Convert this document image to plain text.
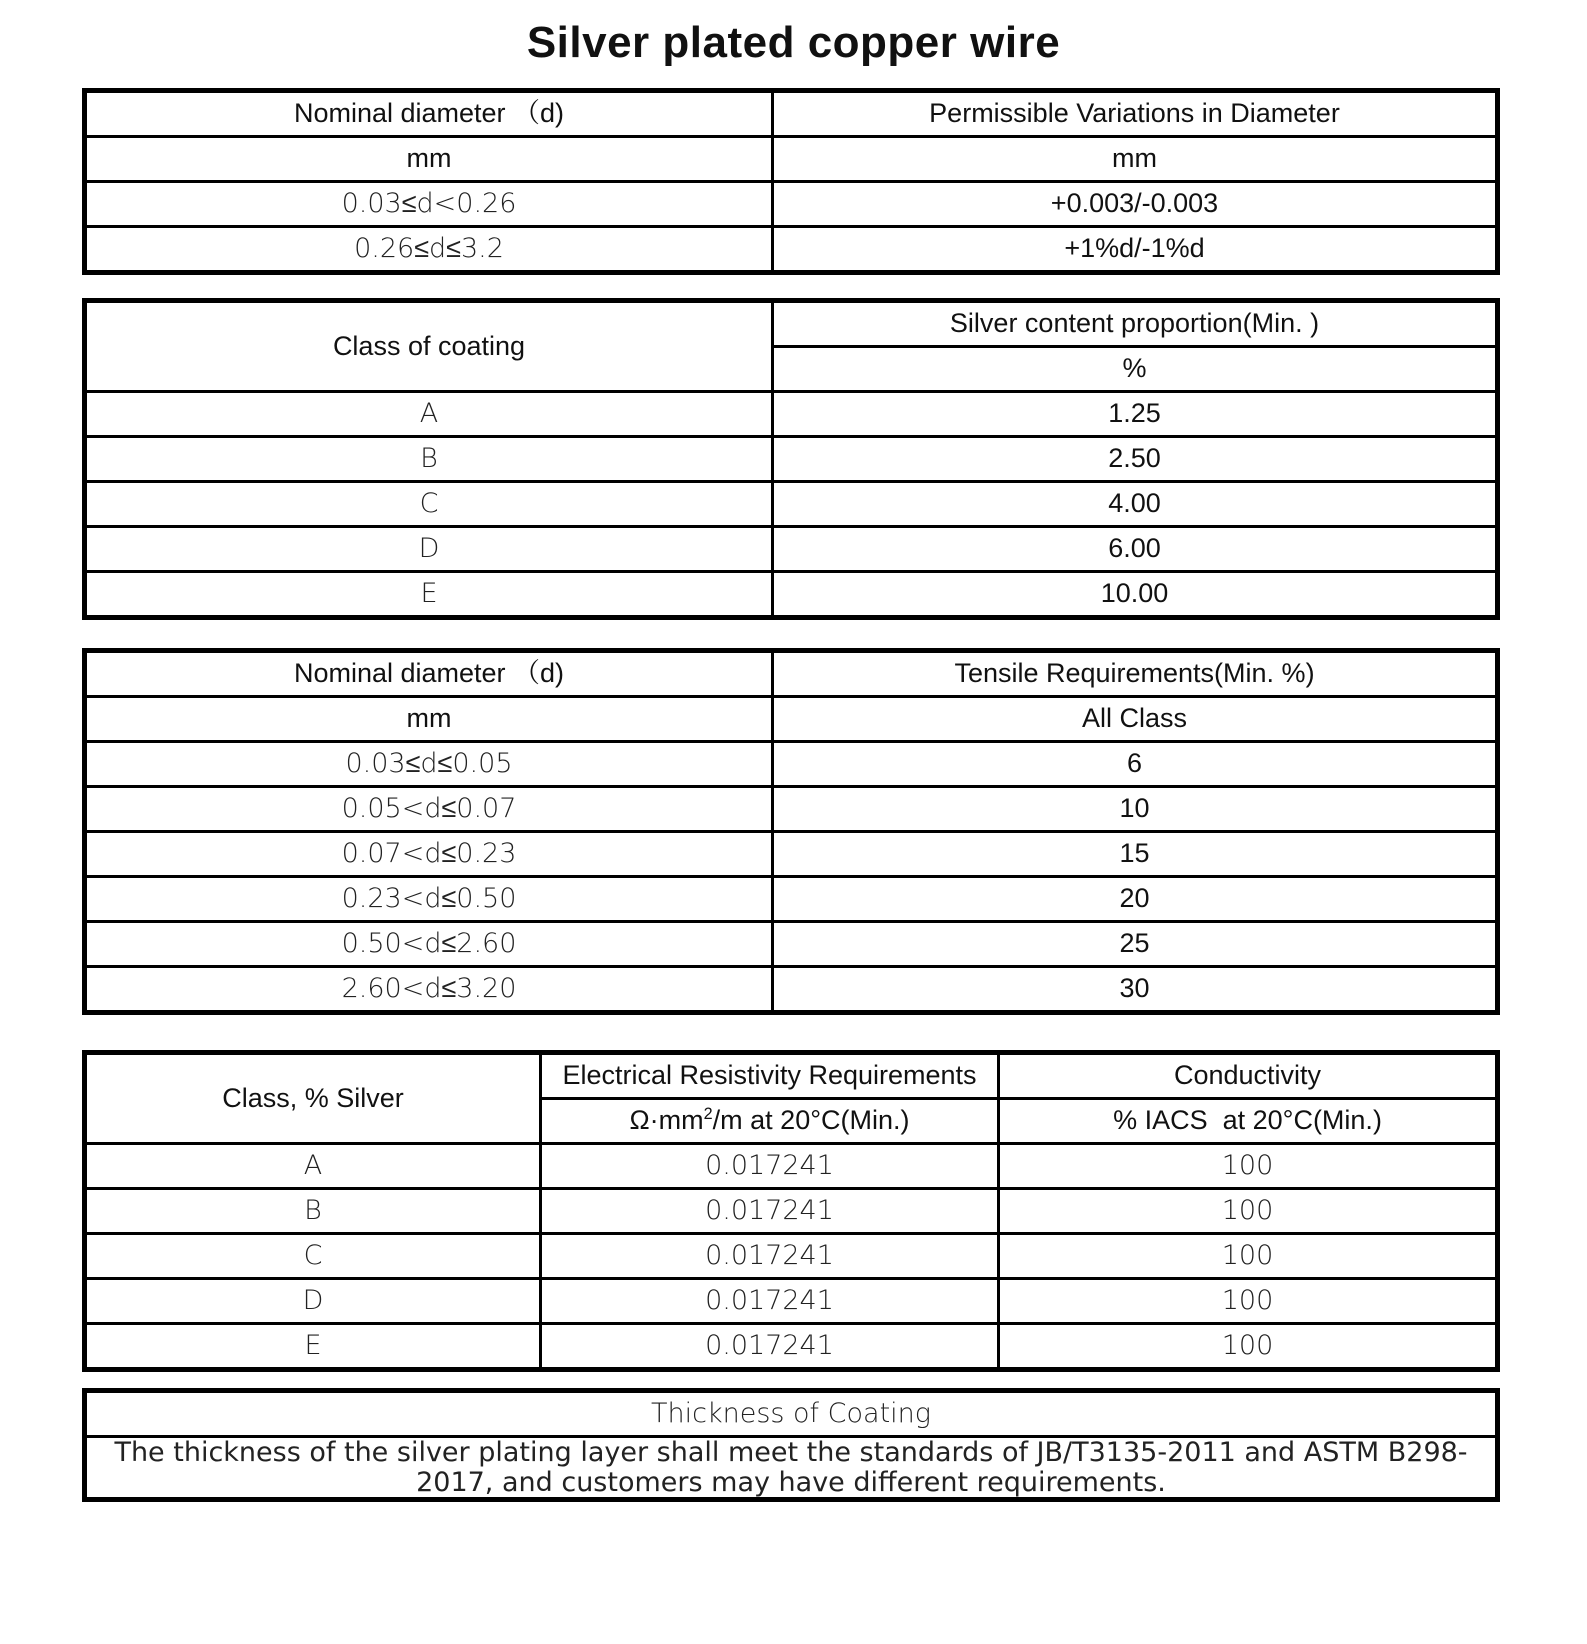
Silver plated copper wire
Nominal diameter （d)	Permissible Variations in Diameter
mm	mm
0.03≤d<0.26	+0.003/-0.003
0.26≤d≤3.2	+1%d/-1%d
Class of coating	Silver content proportion(Min. )
	%
A	1.25
B	2.50
C	4.00
D	6.00
E	10.00
Nominal diameter （d)	Tensile Requirements(Min. %)
mm	All Class
0.03≤d≤0.05	6
0.05<d≤0.07	10
0.07<d≤0.23	15
0.23<d≤0.50	20
0.50<d≤2.60	25
2.60<d≤3.20	30
Class, % Silver	Electrical Resistivity Requirements	Conductivity
	$\Omega\cdot mm^2/m$ at 20°C(Min.)	% IACS  at 20°C(Min.)
A	0.017241	100
B	0.017241	100
C	0.017241	100
D	0.017241	100
E	0.017241	100
Thickness of Coating
The thickness of the silver plating layer shall meet the standards of JB/T3135-2011 and ASTM B298-2017, and customers may have different requirements.
